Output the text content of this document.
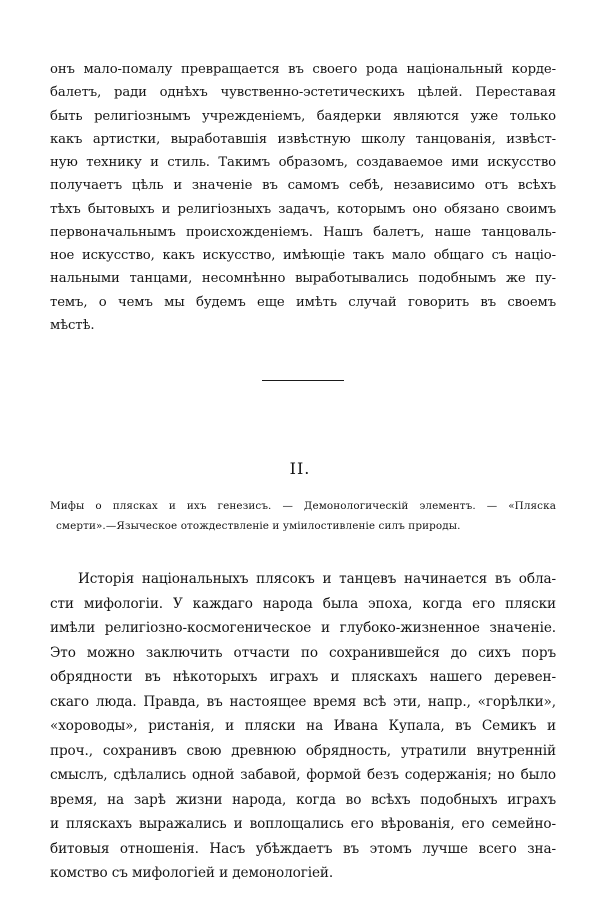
онъ мало-помалу превращается въ своего рода національный корде-
балетъ, ради однѣхъ чувственно-эстетическихъ цѣлей. Переставая
быть религіознымъ учрежденіемъ, баядерки являются уже только
какъ артистки, выработавшія извѣстную школу танцованія, извѣст-
ную технику и стиль. Такимъ образомъ, создаваемое ими искусство
получаетъ цѣль и значеніе въ самомъ себѣ, независимо отъ всѣхъ
тѣхъ бытовыхъ и религіозныхъ задачъ, которымъ оно обязано своимъ
первоначальнымъ происхожденіемъ. Нашъ балетъ, наше танцоваль-
ное искусство, какъ искусство, имѣющіе такъ мало общаго съ націо-
нальными танцами, несомнѣнно выработывались подобнымъ же пу-
темъ, о чемъ мы будемъ еще имѣть случай говорить въ своемъ
мѣстѣ.
II.
Мифы о плясках и ихъ генезисъ. — Демонологическій элементъ. — «Пляска
смерти».—Языческое отождествленіе и уміилостивленіе силъ природы.
Исторія національныхъ плясокъ и танцевъ начинается въ обла-
сти мифологіи. У каждаго народа была эпоха, когда его пляски
имѣли религіозно-космогеническое и глубоко-жизненное значеніе.
Это можно заключить отчасти по сохранившейся до сихъ поръ
обрядности въ нѣкоторыхъ играхъ и пляскахъ нашего деревен-
скаго люда. Правда, въ настоящее время всѣ эти, напр., «горѣлки»,
«хороводы», ристанія, и пляски на Ивана Купала, въ Семикъ и
проч., сохранивъ свою древнюю обрядность, утратили внутренній
смыслъ, сдѣлались одной забавой, формой безъ содержанія; но было
время, на зарѣ жизни народа, когда во всѣхъ подобныхъ играхъ
и пляскахъ выражались и воплощались его вѣрованія, его семейно-
битовыя отношенія. Насъ убѣждаетъ въ этомъ лучше всего зна-
комство съ мифологіей и демонологіей.
